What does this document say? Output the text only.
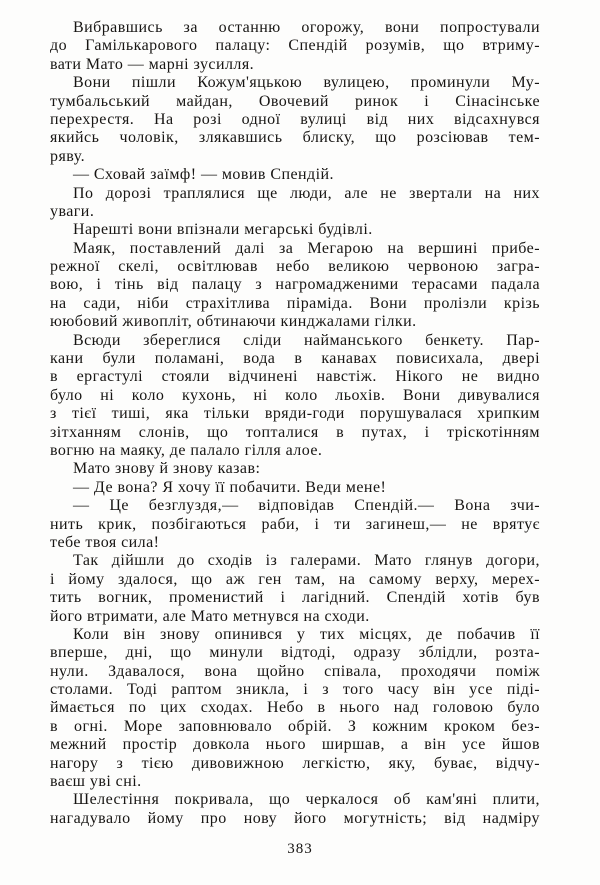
Вибравшись за останню огорожу, вони попростували
до Гамількарового палацу: Спендій розумів, що втриму-
вати Мато — марні зусилля.

Вони пішли Кожум'яцькою вулицею, проминули Му-
тумбальський майдан, Овочевий ринок і Сінасінське
перехрестя. На розі одної вулиці від них відсахнувся
якийсь чоловік, злякавшись блиску, що розсіював тем-
ряву.

— Сховай заїмф! — мовив Спендій.

По дорозі траплялися ще люди, але не звертали на них
уваги.

Нарешті вони впізнали мегарські будівлі.

Маяк, поставлений далі за Мегарою на вершині прибе-
режної скелі, освітлював небо великою червоною загра-
вою, і тінь від палацу з нагромадженими терасами падала
на сади, ніби страхітлива піраміда. Вони пролізли крізь
ююбовий живопліт, обтинаючи кинджалами гілки.

Всюди збереглися сліди найманського бенкету. Пар-
кани були поламані, вода в канавах повисихала, двері
в ергастулі стояли відчинені навстіж. Нікого не видно
було ні коло кухонь, ні коло льохів. Вони дивувалися
з тієї тиші, яка тільки вряди-годи порушувалася хрипким
зітханням слонів, що топталися в путах, і тріскотінням
вогню на маяку, де палало гілля алое.

Мато знову й знову казав:

— Де вона? Я хочу її побачити. Веди мене!

— Це безглуздя,— відповідав Спендій.— Вона зчи-
нить крик, позбігаються раби, і ти загинеш,— не врятує
тебе твоя сила!

Так дійшли до сходів із галерами. Мато глянув догори,
і йому здалося, що аж ген там, на самому верху, мерех-
тить вогник, променистий і лагідний. Спендій хотів був
його втримати, але Мато метнувся на сходи.

Коли він знову опинився у тих місцях, де побачив її
вперше, дні, що минули відтоді, одразу зблідли, розта-
нули. Здавалося, вона щойно співала, проходячи поміж
столами. Тоді раптом зникла, і з того часу він усе піді-
ймається по цих сходах. Небо в нього над головою було
в огні. Море заповнювало обрій. З кожним кроком без-
межний простір довкола нього ширшав, а він усе йшов
нагору з тією дивовижною легкістю, яку, буває, відчу-
ваєш уві сні.

Шелестіння покривала, що черкалося об кам'яні плити,
нагадувало йому про нову його могутність; від надміру

383
